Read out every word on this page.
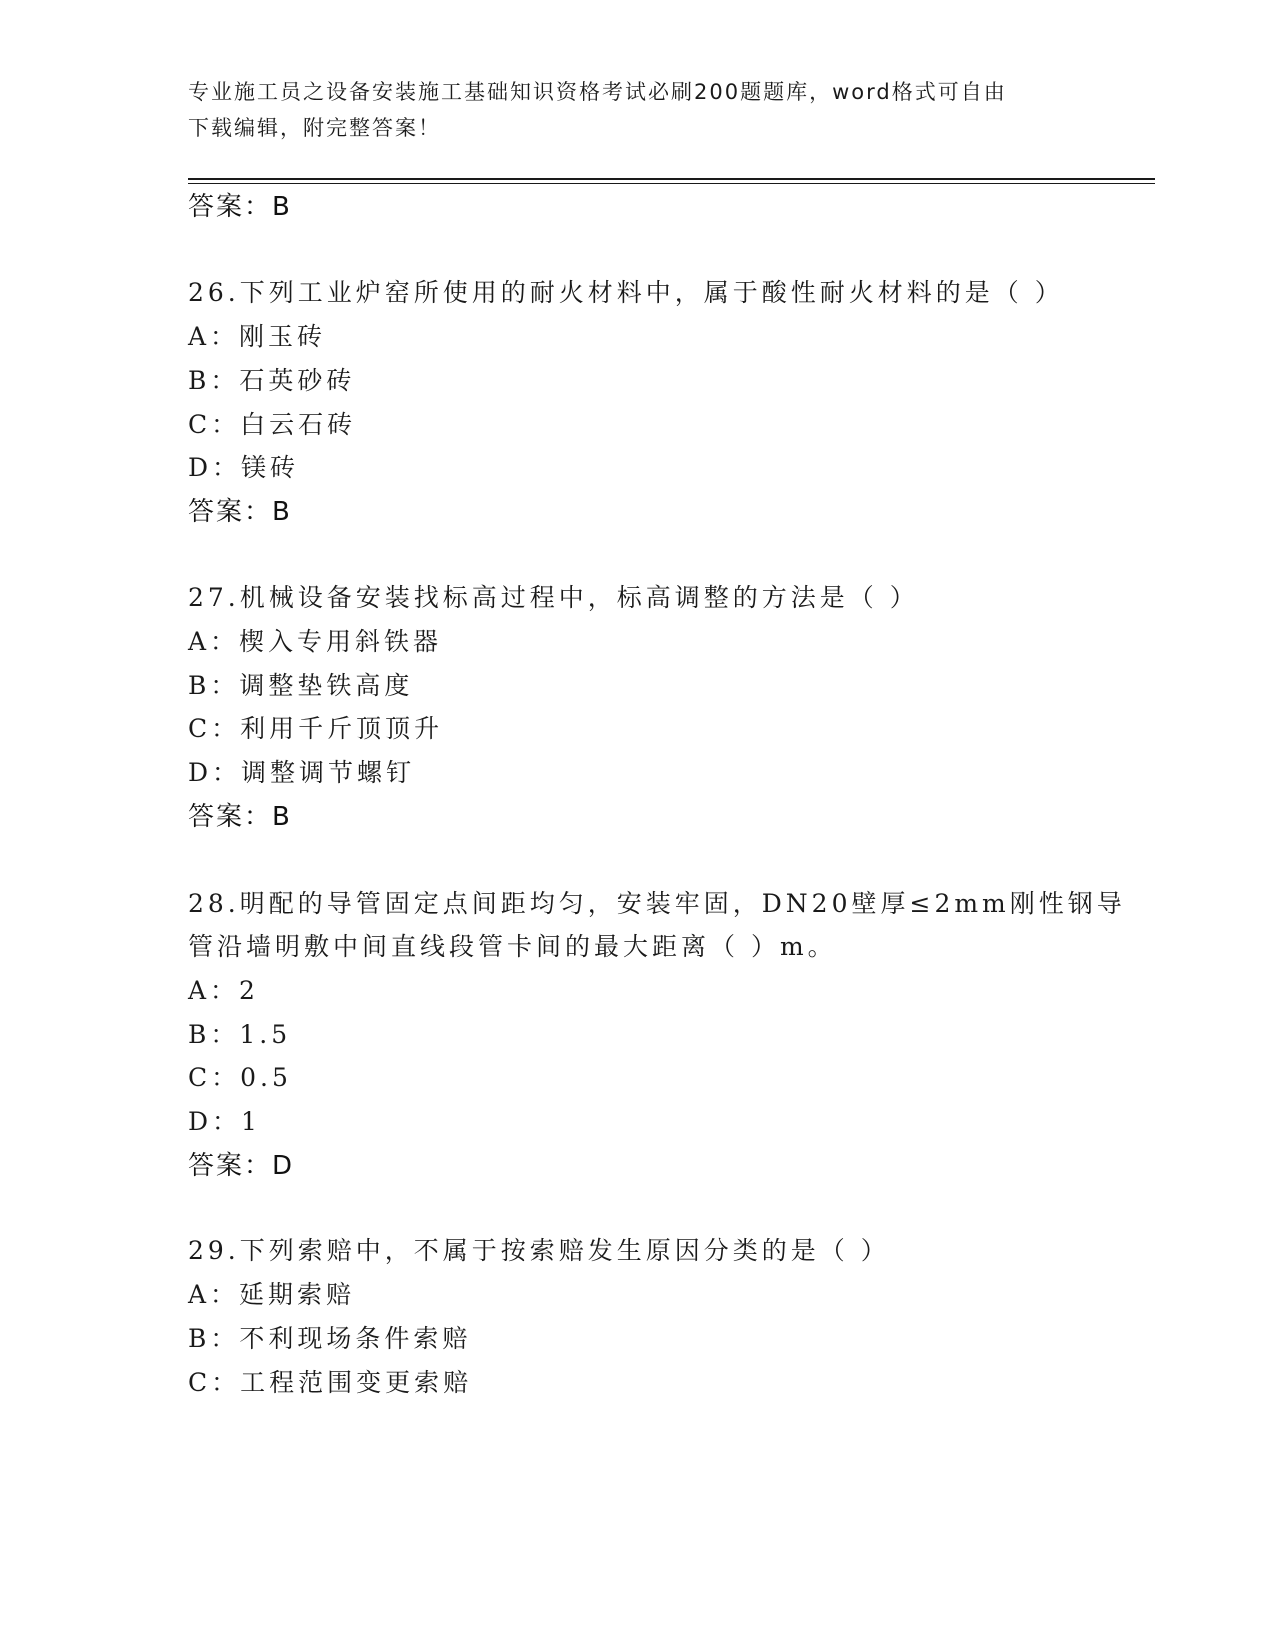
专业施工员之设备安装施工基础知识资格考试必刷200题题库，word格式可自由
下载编辑，附完整答案！
答案：B
26.下列工业炉窑所使用的耐火材料中，属于酸性耐火材料的是（ ）
A：刚玉砖
B：石英砂砖
C：白云石砖
D：镁砖
答案：B
27.机械设备安装找标高过程中，标高调整的方法是（ ）
A：楔入专用斜铁器
B：调整垫铁高度
C：利用千斤顶顶升
D：调整调节螺钉
答案：B
28.明配的导管固定点间距均匀，安装牢固，DN20壁厚≤2mm刚性钢导
管沿墙明敷中间直线段管卡间的最大距离（ ）m。
A：2
B：1.5
C：0.5
D：1
答案：D
29.下列索赔中，不属于按索赔发生原因分类的是（ ）
A：延期索赔
B：不利现场条件索赔
C：工程范围变更索赔
